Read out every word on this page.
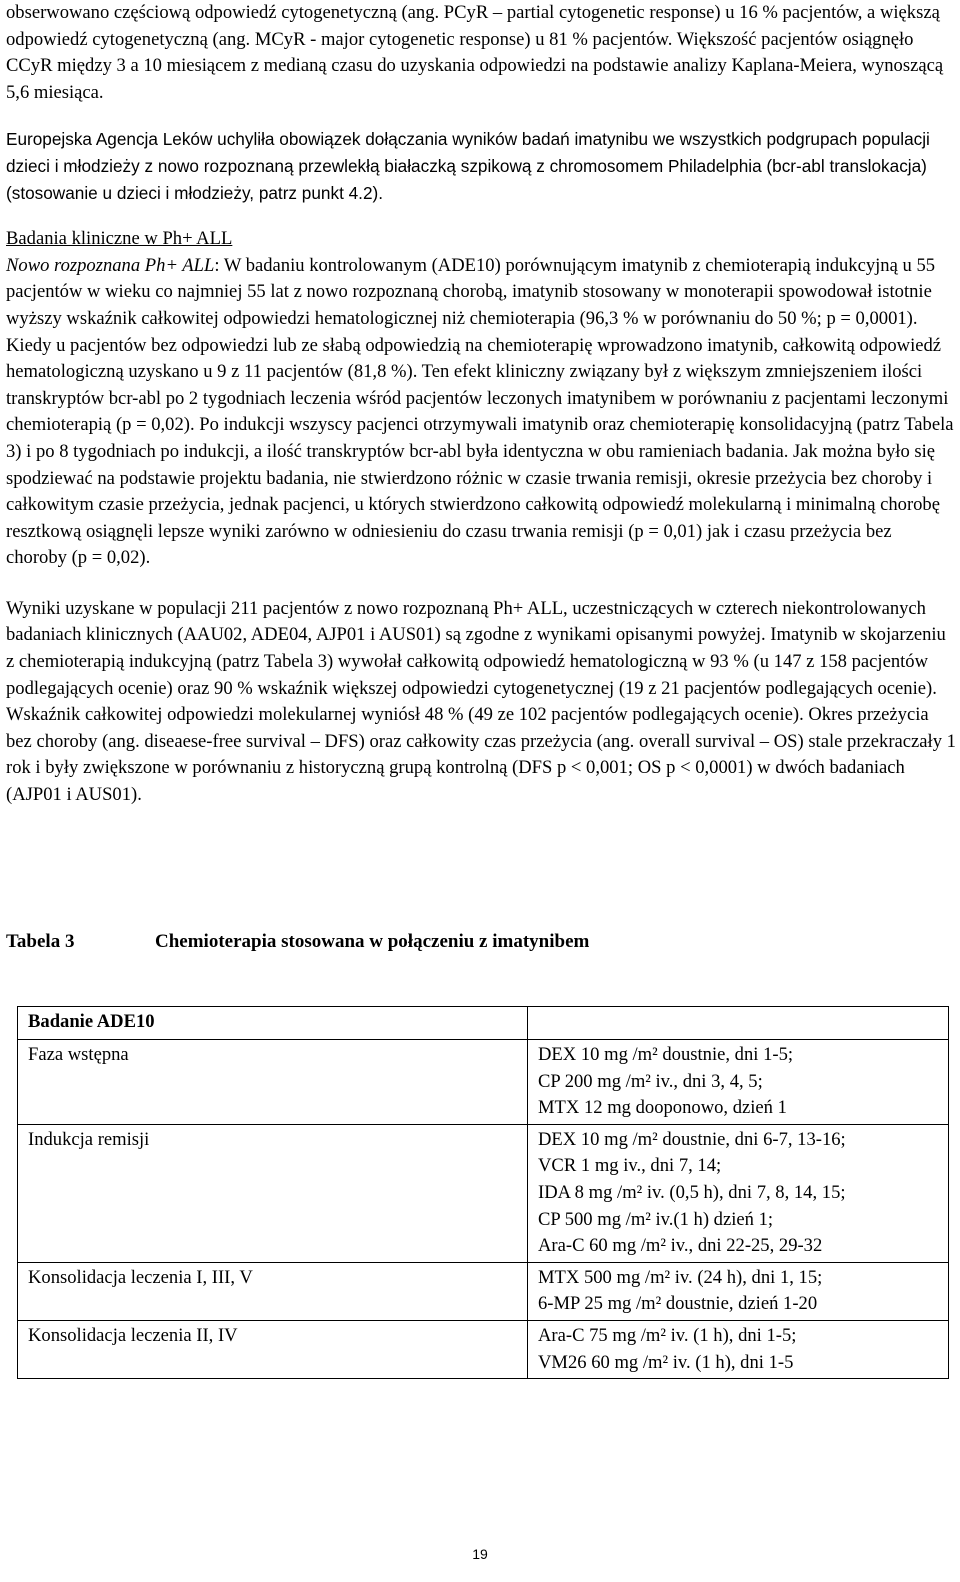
obserwowano częściową odpowiedź cytogenetyczną (ang. PCyR – partial cytogenetic response) u 16 % pacjentów, a większą odpowiedź cytogenetyczną (ang. MCyR - major cytogenetic response) u 81 % pacjentów. Większość pacjentów osiągnęło CCyR między 3 a 10 miesiącem z medianą czasu do uzyskania odpowiedzi na podstawie analizy Kaplana-Meiera, wynoszącą 5,6 miesiąca.

Europejska Agencja Leków uchyliła obowiązek dołączania wyników badań imatynibu we wszystkich podgrupach populacji dzieci i młodzieży z nowo rozpoznaną przewlekłą białaczką szpikową z chromosomem Philadelphia (bcr-abl translokacja) (stosowanie u dzieci i młodzieży, patrz punkt 4.2).

Badania kliniczne w Ph+ ALL

Nowo rozpoznana Ph+ ALL: W badaniu kontrolowanym (ADE10) porównującym imatynib z chemioterapią indukcyjną u 55 pacjentów w wieku co najmniej 55 lat z nowo rozpoznaną chorobą, imatynib stosowany w monoterapii spowodował istotnie wyższy wskaźnik całkowitej odpowiedzi hematologicznej niż chemioterapia (96,3 % w porównaniu do 50 %; p = 0,0001). Kiedy u pacjentów bez odpowiedzi lub ze słabą odpowiedzią na chemioterapię wprowadzono imatynib, całkowitą odpowiedź hematologiczną uzyskano u 9 z 11 pacjentów (81,8 %). Ten efekt kliniczny związany był z większym zmniejszeniem ilości transkryptów bcr-abl po 2 tygodniach leczenia wśród pacjentów leczonych imatynibem w porównaniu z pacjentami leczonymi chemioterapią (p = 0,02). Po indukcji wszyscy pacjenci otrzymywali imatynib oraz chemioterapię konsolidacyjną (patrz Tabela 3) i po 8 tygodniach po indukcji, a ilość transkryptów bcr-abl była identyczna w obu ramieniach badania. Jak można było się spodziewać na podstawie projektu badania, nie stwierdzono różnic w czasie trwania remisji, okresie przeżycia bez choroby i całkowitym czasie przeżycia, jednak pacjenci, u których stwierdzono całkowitą odpowiedź molekularną i minimalną chorobę resztkową osiągnęli lepsze wyniki zarówno w odniesieniu do czasu trwania remisji (p = 0,01) jak i czasu przeżycia bez choroby (p = 0,02).

Wyniki uzyskane w populacji 211 pacjentów z nowo rozpoznaną Ph+ ALL, uczestniczących w czterech niekontrolowanych badaniach klinicznych (AAU02, ADE04, AJP01 i AUS01) są zgodne z wynikami opisanymi powyżej. Imatynib w skojarzeniu z chemioterapią indukcyjną (patrz Tabela 3) wywołał całkowitą odpowiedź hematologiczną w 93 % (u 147 z 158 pacjentów podlegających ocenie) oraz 90 % wskaźnik większej odpowiedzi cytogenetycznej (19 z 21 pacjentów podlegających ocenie). Wskaźnik całkowitej odpowiedzi molekularnej wyniósł 48 % (49 ze 102 pacjentów podlegających ocenie). Okres przeżycia bez choroby (ang. diseaese-free survival – DFS) oraz całkowity czas przeżycia (ang. overall survival – OS) stale przekraczały 1 rok i były zwiększone w porównaniu z historyczną grupą kontrolną (DFS p < 0,001; OS p < 0,0001) w dwóch badaniach (AJP01 i AUS01).

Tabela 3	Chemioterapia stosowana w połączeniu z imatynibem
Badanie ADE10
Faza wstępna	DEX 10 mg /m² doustnie, dni 1-5;
CP 200 mg /m² iv., dni 3, 4, 5;
MTX 12 mg dooponowo, dzień 1
Indukcja remisji	DEX 10 mg /m² doustnie, dni 6-7, 13-16;
VCR 1 mg iv., dni 7, 14;
IDA 8 mg /m² iv. (0,5 h), dni 7, 8, 14, 15;
CP 500 mg /m² iv.(1 h) dzień 1;
Ara-C 60 mg /m² iv., dni 22-25, 29-32
Konsolidacja leczenia I, III, V	MTX 500 mg /m² iv. (24 h), dni 1, 15;
6-MP 25 mg /m² doustnie, dzień 1-20
Konsolidacja leczenia II, IV	Ara-C 75 mg /m² iv. (1 h), dni 1-5;
VM26 60 mg /m² iv. (1 h), dni 1-5
19
